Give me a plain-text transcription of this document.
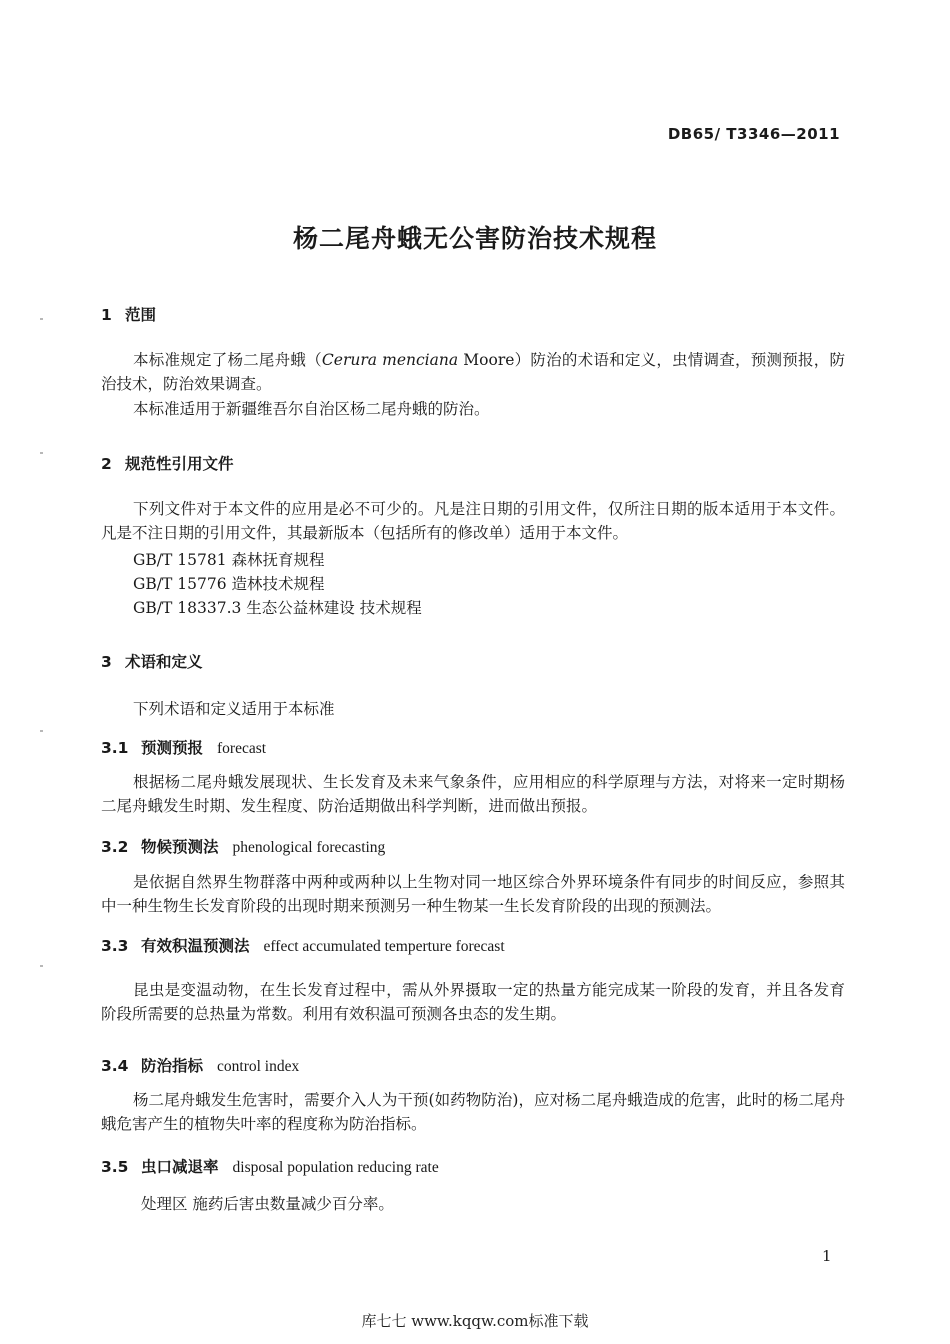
DB65/ T3346—2011
杨二尾舟蛾无公害防治技术规程
1 范围
本标准规定了杨二尾舟蛾（Cerura menciana Moore）防治的术语和定义，虫情调查，预测预报，防治技术，防治效果调查。
本标准适用于新疆维吾尔自治区杨二尾舟蛾的防治。
2 规范性引用文件
下列文件对于本文件的应用是必不可少的。凡是注日期的引用文件，仅所注日期的版本适用于本文件。凡是不注日期的引用文件，其最新版本（包括所有的修改单）适用于本文件。
GB/T 15781 森林抚育规程
GB/T 15776 造林技术规程
GB/T 18337.3 生态公益林建设 技术规程
3 术语和定义
下列术语和定义适用于本标准
3.1 预测预报 forecast
根据杨二尾舟蛾发展现状、生长发育及未来气象条件，应用相应的科学原理与方法，对将来一定时期杨二尾舟蛾发生时期、发生程度、防治适期做出科学判断，进而做出预报。
3.2 物候预测法 phenological forecasting
是依据自然界生物群落中两种或两种以上生物对同一地区综合外界环境条件有同步的时间反应，参照其中一种生物生长发育阶段的出现时期来预测另一种生物某一生长发育阶段的出现的预测法。
3.3 有效积温预测法 effect accumulated temperture forecast
昆虫是变温动物，在生长发育过程中，需从外界摄取一定的热量方能完成某一阶段的发育，并且各发育阶段所需要的总热量为常数。利用有效积温可预测各虫态的发生期。
3.4 防治指标 control index
杨二尾舟蛾发生危害时，需要介入人为干预(如药物防治)，应对杨二尾舟蛾造成的危害，此时的杨二尾舟蛾危害产生的植物失叶率的程度称为防治指标。
3.5 虫口减退率 disposal population reducing rate
处理区 施药后害虫数量减少百分率。
1
库七七 www.kqqw.com标准下载
